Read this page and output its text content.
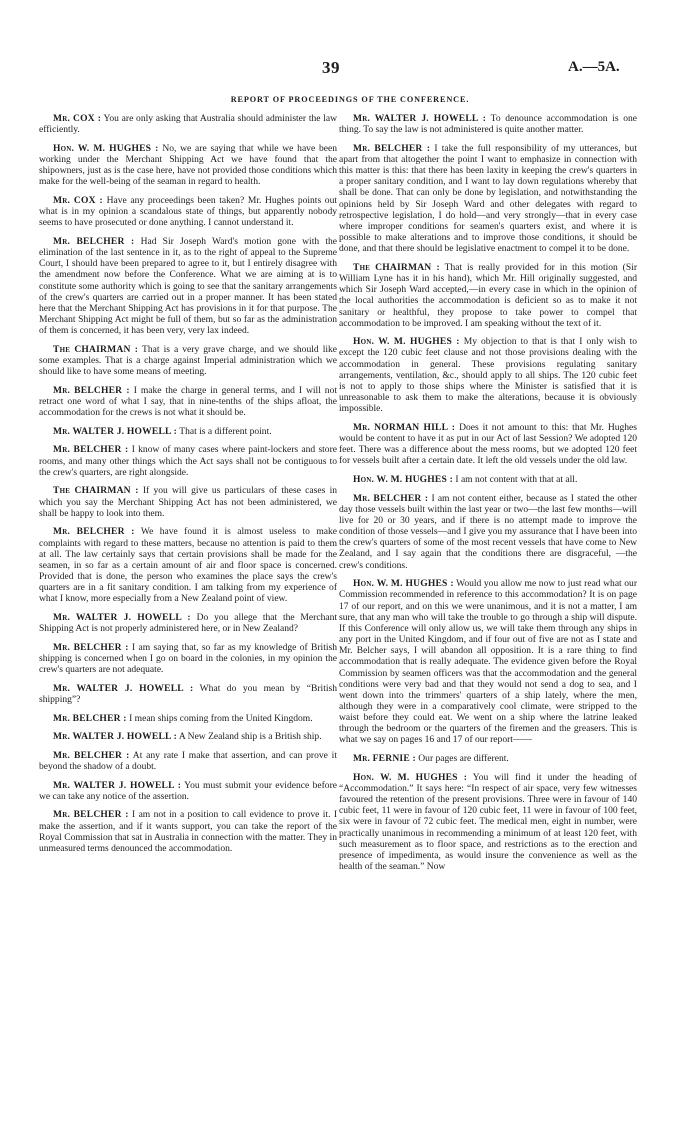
39	A.—5A.
REPORT OF PROCEEDINGS OF THE CONFERENCE.

Mr. COX : You are only asking that Australia should administer the law efficiently.

Hon. W. M. HUGHES : No, we are saying that while we have been working under the Merchant Shipping Act we have found that the shipowners, just as is the case here, have not provided those conditions which make for the well-being of the seaman in regard to health.

Mr. COX : Have any proceedings been taken? Mr. Hughes points out what is in my opinion a scandalous state of things, but apparently nobody seems to have prosecuted or done anything. I cannot understand it.

Mr. BELCHER : Had Sir Joseph Ward's motion gone with the elimination of the last sentence in it, as to the right of appeal to the Supreme Court, I should have been prepared to agree to it, but I entirely disagree with the amendment now before the Conference. What we are aiming at is to constitute some authority which is going to see that the sanitary arrangements of the crew's quarters are carried out in a proper manner. It has been stated here that the Merchant Shipping Act has provisions in it for that purpose. The Merchant Shipping Act might be full of them, but so far as the administration of them is concerned, it has been very, very lax indeed.

The CHAIRMAN : That is a very grave charge, and we should like some examples. That is a charge against Imperial administration which we should like to have some means of meeting.

Mr. BELCHER : I make the charge in general terms, and I will not retract one word of what I say, that in nine-tenths of the ships afloat, the accommodation for the crews is not what it should be.

Mr. WALTER J. HOWELL : That is a different point.

Mr. BELCHER : I know of many cases where paint-lockers and store rooms, and many other things which the Act says shall not be contiguous to the crew's quarters, are right alongside.

The CHAIRMAN : If you will give us particulars of these cases in which you say the Merchant Shipping Act has not been administered, we shall be happy to look into them.

Mr. BELCHER : We have found it is almost useless to make complaints with regard to these matters, because no attention is paid to them at all. The law certainly says that certain provisions shall be made for the seamen, in so far as a certain amount of air and floor space is concerned. Provided that is done, the person who examines the place says the crew's quarters are in a fit sanitary condition. I am talking from my experience of what I know, more especially from a New Zealand point of view.

Mr. WALTER J. HOWELL : Do you allege that the Merchant Shipping Act is not properly administered here, or in New Zealand?

Mr. BELCHER : I am saying that, so far as my knowledge of British shipping is concerned when I go on board in the colonies, in my opinion the crew's quarters are not adequate.

Mr. WALTER J. HOWELL : What do you mean by “British shipping”?

Mr. BELCHER : I mean ships coming from the United Kingdom.

Mr. WALTER J. HOWELL : A New Zealand ship is a British ship.

Mr. BELCHER : At any rate I make that assertion, and can prove it beyond the shadow of a doubt.

Mr. WALTER J. HOWELL : You must submit your evidence before we can take any notice of the assertion.

Mr. BELCHER : I am not in a position to call evidence to prove it. I make the assertion, and if it wants support, you can take the report of the Royal Commission that sat in Australia in connection with the matter. They in unmeasured terms denounced the accommodation.

Mr. WALTER J. HOWELL : To denounce accommodation is one thing. To say the law is not administered is quite another matter.

Mr. BELCHER : I take the full responsibility of my utterances, but apart from that altogether the point I want to emphasize in connection with this matter is this: that there has been laxity in keeping the crew's quarters in a proper sanitary condition, and I want to lay down regulations whereby that shall be done. That can only be done by legislation, and notwithstanding the opinions held by Sir Joseph Ward and other delegates with regard to retrospective legislation, I do hold—and very strongly—that in every case where improper conditions for seamen's quarters exist, and where it is possible to make alterations and to improve those conditions, it should be done, and that there should be legislative enactment to compel it to be done.

The CHAIRMAN : That is really provided for in this motion (Sir William Lyne has it in his hand), which Mr. Hill originally suggested, and which Sir Joseph Ward accepted,—in every case in which in the opinion of the local authorities the accommodation is deficient so as to make it not sanitary or healthful, they propose to take power to compel that accommodation to be improved. I am speaking without the text of it.

Hon. W. M. HUGHES : My objection to that is that I only wish to except the 120 cubic feet clause and not those provisions dealing with the accommodation in general. These provisions regulating sanitary arrangements, ventilation, &c., should apply to all ships. The 120 cubic feet is not to apply to those ships where the Minister is satisfied that it is unreasonable to ask them to make the alterations, because it is obviously impossible.

Mr. NORMAN HILL : Does it not amount to this: that Mr. Hughes would be content to have it as put in our Act of last Session? We adopted 120 feet. There was a difference about the mess rooms, but we adopted 120 feet for vessels built after a certain date. It left the old vessels under the old law.

Hon. W. M. HUGHES : I am not content with that at all.

Mr. BELCHER : I am not content either, because as I stated the other day those vessels built within the last year or two—the last few months—will live for 20 or 30 years, and if there is no attempt made to improve the condition of those vessels—and I give you my assurance that I have been into the crew's quarters of some of the most recent vessels that have come to New Zealand, and I say again that the conditions there are disgraceful, —the crew's conditions.

Hon. W. M. HUGHES : Would you allow me now to just read what our Commission recommended in reference to this accommodation? It is on page 17 of our report, and on this we were unanimous, and it is not a matter, I am sure, that any man who will take the trouble to go through a ship will dispute. If this Conference will only allow us, we will take them through any ships in any port in the United Kingdom, and if four out of five are not as I state and Mr. Belcher says, I will abandon all opposition. It is a rare thing to find accommodation that is really adequate. The evidence given before the Royal Commission by seamen officers was that the accommodation and the general conditions were very bad and that they would not send a dog to sea, and I went down into the trimmers' quarters of a ship lately, where the men, although they were in a comparatively cool climate, were stripped to the waist before they could eat. We went on a ship where the latrine leaked through the bedroom or the quarters of the firemen and the greasers. This is what we say on pages 16 and 17 of our report——

Mr. FERNIE : Our pages are different.

Hon. W. M. HUGHES : You will find it under the heading of “Accommodation.” It says here: “In respect of air space, very few witnesses favoured the retention of the present provisions. Three were in favour of 140 cubic feet, 11 were in favour of 120 cubic feet, 11 were in favour of 100 feet, six were in favour of 72 cubic feet. The medical men, eight in number, were practically unanimous in recommending a minimum of at least 120 feet, with such measurement as to floor space, and restrictions as to the erection and presence of impedimenta, as would insure the convenience as well as the health of the seaman.” Now
